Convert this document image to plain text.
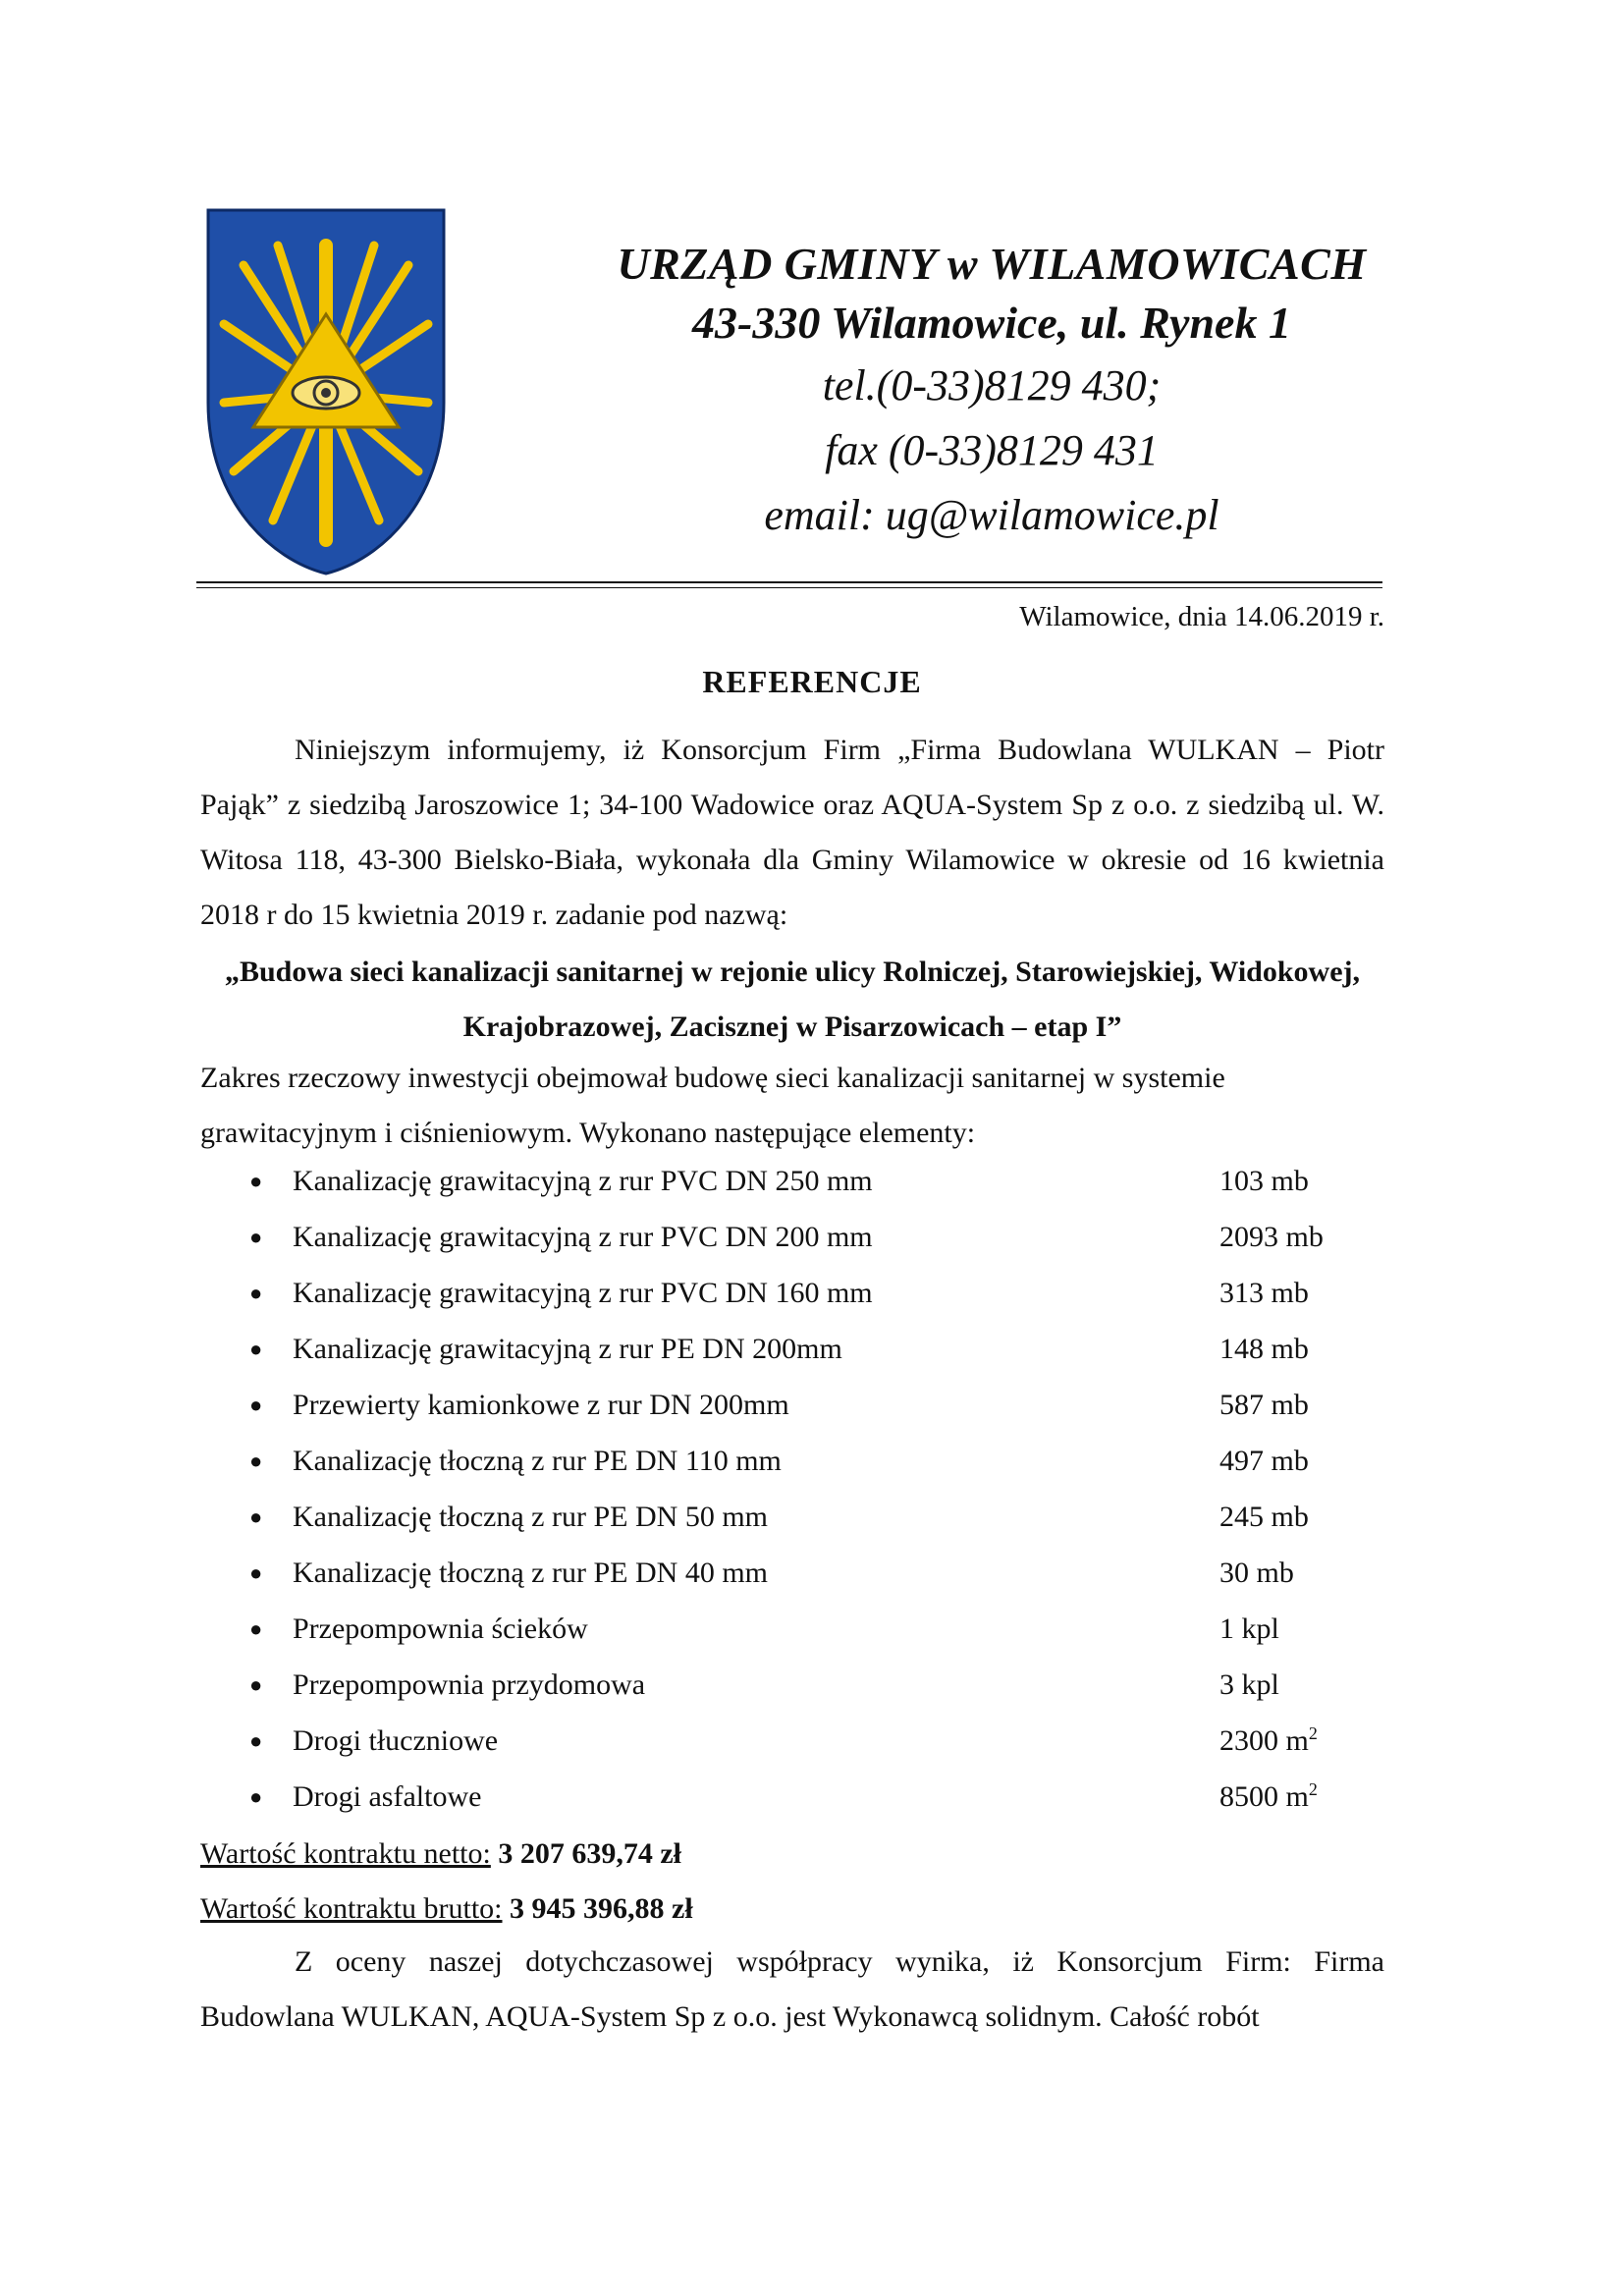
URZĄD GMINY w WILAMOWICACH
43-330 Wilamowice, ul. Rynek 1
tel.(0-33)8129 430;
fax (0-33)8129 431
email: ug@wilamowice.pl
Wilamowice, dnia 14.06.2019 r.
REFERENCJE
Niniejszym informujemy, iż Konsorcjum Firm „Firma Budowlana WULKAN – Piotr Pająk” z siedzibą Jaroszowice 1; 34-100 Wadowice oraz AQUA-System Sp z o.o. z siedzibą ul. W. Witosa 118, 43-300 Bielsko-Biała, wykonała dla Gminy Wilamowice w okresie od 16 kwietnia 2018 r do 15 kwietnia 2019 r. zadanie pod nazwą:
„Budowa sieci kanalizacji sanitarnej w rejonie ulicy Rolniczej, Starowiejskiej, Widokowej, Krajobrazowej, Zacisznej w Pisarzowicach – etap I”
Zakres rzeczowy inwestycji obejmował budowę sieci kanalizacji sanitarnej w systemie grawitacyjnym i ciśnieniowym. Wykonano następujące elementy:
● Kanalizację grawitacyjną z rur PVC DN 250 mm	103 mb
● Kanalizację grawitacyjną z rur PVC DN 200 mm	2093 mb
● Kanalizację grawitacyjną z rur PVC DN 160 mm	313 mb
● Kanalizację grawitacyjną z rur PE DN 200mm	148 mb
● Przewierty kamionkowe z rur DN 200mm	587 mb
● Kanalizację tłoczną z rur PE DN 110 mm	497 mb
● Kanalizację tłoczną z rur PE DN 50 mm	245 mb
● Kanalizację tłoczną z rur PE DN 40 mm	30 mb
● Przepompownia ścieków	1 kpl
● Przepompownia przydomowa	3 kpl
● Drogi tłuczniowe	2300 $m^2$
● Drogi asfaltowe	8500 $m^2$
Wartość kontraktu netto: 3 207 639,74 zł
Wartość kontraktu brutto: 3 945 396,88 zł
Z oceny naszej dotychczasowej współpracy wynika, iż Konsorcjum Firm: Firma Budowlana WULKAN, AQUA-System Sp z o.o. jest Wykonawcą solidnym. Całość robót
